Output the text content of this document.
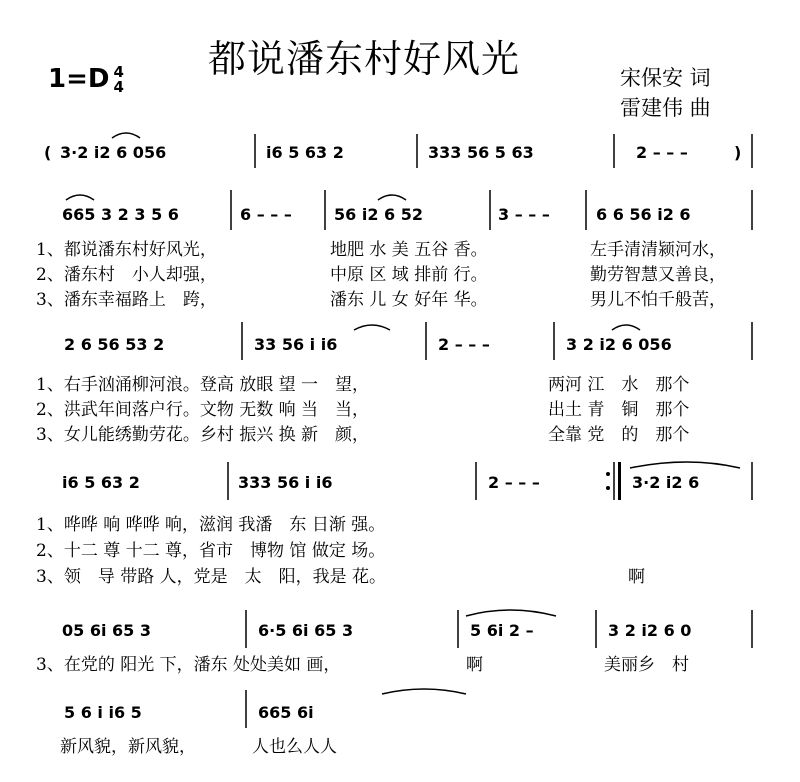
都说潘东村好风光
1=D 4
4	宋保安 词
雷建伟 曲
( 3·2 i2 6 056	i6 5 63 2	333 56 5 63	2 – – –	)
665 3 2 3 5 6	6 – – –	56 i2 6 52	3 – – –	6 6 56 i2 6
1、都说潘东村好风光，	地肥 水 美 五谷 香。	左手清清颍河水，
2、潘东村　小人却强，	中原 区 域 排前 行。	勤劳智慧又善良，
3、潘东幸福路上　跨，	潘东 儿 女 好年 华。	男儿不怕千般苦，
2 6 56 53 2	33 56 i i6	2 – – –	3 2 i2 6 056
1、右手汹涌柳河浪。登高 放眼 望 一　望，	两河 江　水　那个
2、洪武年间落户行。文物 无数 响 当　当，	出土 青　铜　那个
3、女儿能绣勤劳花。乡村 振兴 换 新　颜，	全靠 党　的　那个
i6 5 63 2	333 56 i i6	2 – – –	3·2 i2 6
1、哗哗 响 哗哗 响，滋润 我潘　东 日渐 强。
2、十二 尊 十二 尊，省市　博物 馆 做定 场。
3、领　导 带路 人，党是　太　阳，我是 花。	啊
05 6i 65 3	6·5 6i 65 3	5 6i 2 –	3 2 i2 6 0
3、在党的 阳光 下，潘东 处处美如 画，	啊	美丽乡　村
5 6 i i6 5	665 6i
新风貌，新风貌，	人也么人人
